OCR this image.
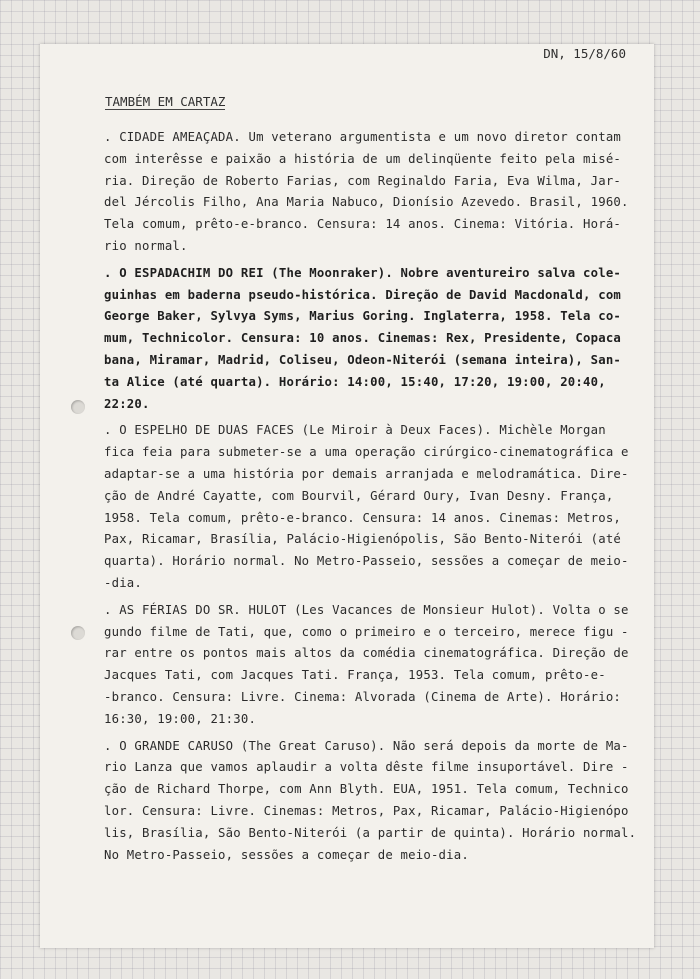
DN, 15/8/60
TAMBÉM EM CARTAZ
. CIDADE AMEAÇADA. Um veterano argumentista e um novo diretor contam
com interêsse e paixão a história de um delinqüente feito pela misé-
ria. Direção de Roberto Farias, com Reginaldo Faria, Eva Wilma, Jar-
del Jércolis Filho, Ana Maria Nabuco, Dionísio Azevedo. Brasil, 1960.
Tela comum, prêto-e-branco. Censura: 14 anos. Cinema: Vitória. Horá-
rio normal.
. O ESPADACHIM DO REI (The Moonraker). Nobre aventureiro salva cole-
guinhas em baderna pseudo-histórica. Direção de David Macdonald, com
George Baker, Sylvya Syms, Marius Goring. Inglaterra, 1958. Tela co-
mum, Technicolor. Censura: 10 anos. Cinemas: Rex, Presidente, Copaca
bana, Miramar, Madrid, Coliseu, Odeon-Niterói (semana inteira), San-
ta Alice (até quarta). Horário: 14:00, 15:40, 17:20, 19:00, 20:40,
22:20.
. O ESPELHO DE DUAS FACES (Le Miroir à Deux Faces). Michèle Morgan
fica feia para submeter-se a uma operação cirúrgico-cinematográfica e
adaptar-se a uma história por demais arranjada e melodramática. Dire-
ção de André Cayatte, com Bourvil, Gérard Oury, Ivan Desny. França,
1958. Tela comum, prêto-e-branco. Censura: 14 anos. Cinemas: Metros,
Pax, Ricamar, Brasília, Palácio-Higienópolis, São Bento-Niterói (até
quarta). Horário normal. No Metro-Passeio, sessões a começar de meio-
-dia.
. AS FÉRIAS DO SR. HULOT (Les Vacances de Monsieur Hulot). Volta o se
gundo filme de Tati, que, como o primeiro e o terceiro, merece figu -
rar entre os pontos mais altos da comédia cinematográfica. Direção de
Jacques Tati, com Jacques Tati. França, 1953. Tela comum, prêto-e-
-branco. Censura: Livre. Cinema: Alvorada (Cinema de Arte). Horário:
16:30, 19:00, 21:30.
. O GRANDE CARUSO (The Great Caruso). Não será depois da morte de Ma-
rio Lanza que vamos aplaudir a volta dêste filme insuportável. Dire -
ção de Richard Thorpe, com Ann Blyth. EUA, 1951. Tela comum, Technico
lor. Censura: Livre. Cinemas: Metros, Pax, Ricamar, Palácio-Higienópo
lis, Brasília, São Bento-Niterói (a partir de quinta). Horário normal.
No Metro-Passeio, sessões a começar de meio-dia.
